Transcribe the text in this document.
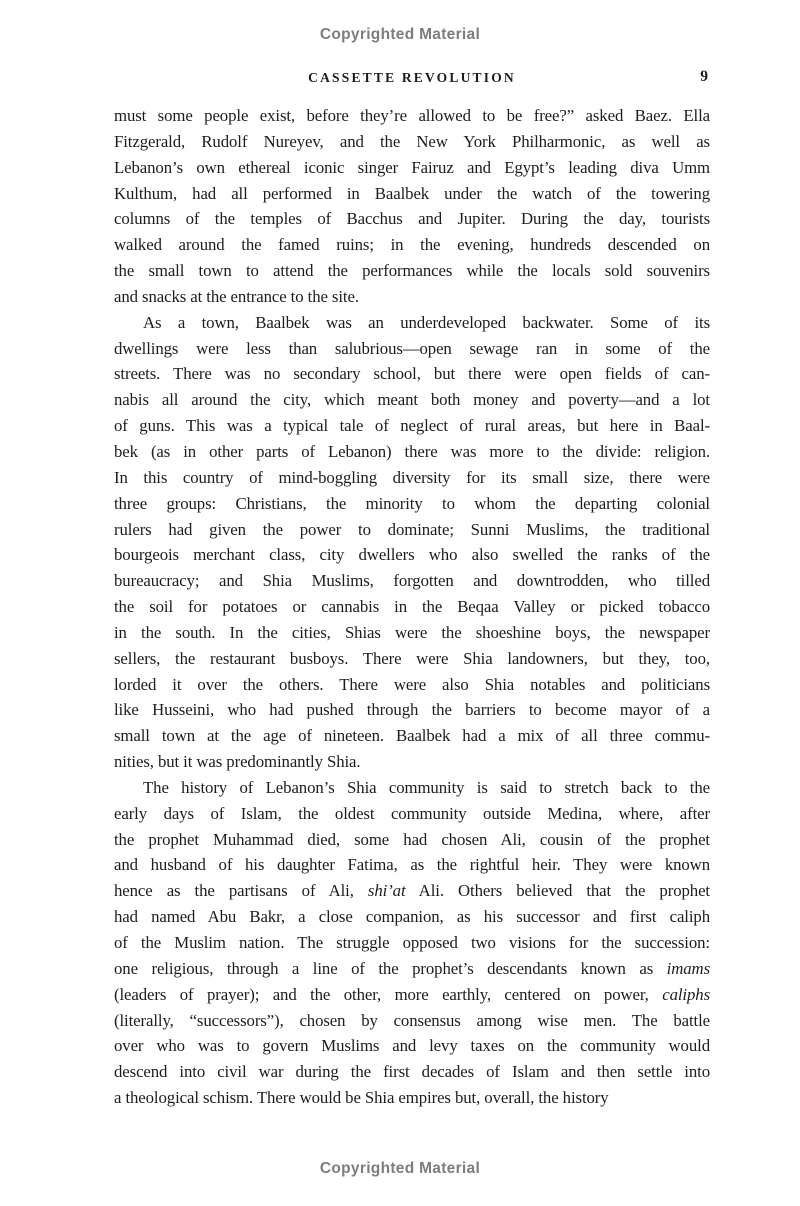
Copyrighted Material
CASSETTE REVOLUTION	9
must some people exist, before they’re allowed to be free?” asked Baez. Ella
Fitzgerald, Rudolf Nureyev, and the New York Philharmonic, as well as
Lebanon’s own ethereal iconic singer Fairuz and Egypt’s leading diva Umm
Kulthum, had all performed in Baalbek under the watch of the towering
columns of the temples of Bacchus and Jupiter. During the day, tourists
walked around the famed ruins; in the evening, hundreds descended on
the small town to attend the performances while the locals sold souvenirs
and snacks at the entrance to the site.
As a town, Baalbek was an underdeveloped backwater. Some of its
dwellings were less than salubrious—open sewage ran in some of the
streets. There was no secondary school, but there were open fields of can-
nabis all around the city, which meant both money and poverty—and a lot
of guns. This was a typical tale of neglect of rural areas, but here in Baal-
bek (as in other parts of Lebanon) there was more to the divide: religion.
In this country of mind-boggling diversity for its small size, there were
three groups: Christians, the minority to whom the departing colonial
rulers had given the power to dominate; Sunni Muslims, the traditional
bourgeois merchant class, city dwellers who also swelled the ranks of the
bureaucracy; and Shia Muslims, forgotten and downtrodden, who tilled
the soil for potatoes or cannabis in the Beqaa Valley or picked tobacco
in the south. In the cities, Shias were the shoeshine boys, the newspaper
sellers, the restaurant busboys. There were Shia landowners, but they, too,
lorded it over the others. There were also Shia notables and politicians
like Husseini, who had pushed through the barriers to become mayor of a
small town at the age of nineteen. Baalbek had a mix of all three commu-
nities, but it was predominantly Shia.
The history of Lebanon’s Shia community is said to stretch back to the
early days of Islam, the oldest community outside Medina, where, after
the prophet Muhammad died, some had chosen Ali, cousin of the prophet
and husband of his daughter Fatima, as the rightful heir. They were known
hence as the partisans of Ali, shi’at Ali. Others believed that the prophet
had named Abu Bakr, a close companion, as his successor and first caliph
of the Muslim nation. The struggle opposed two visions for the succession:
one religious, through a line of the prophet’s descendants known as imams
(leaders of prayer); and the other, more earthly, centered on power, caliphs
(literally, “successors”), chosen by consensus among wise men. The battle
over who was to govern Muslims and levy taxes on the community would
descend into civil war during the first decades of Islam and then settle into
a theological schism. There would be Shia empires but, overall, the history
Copyrighted Material
